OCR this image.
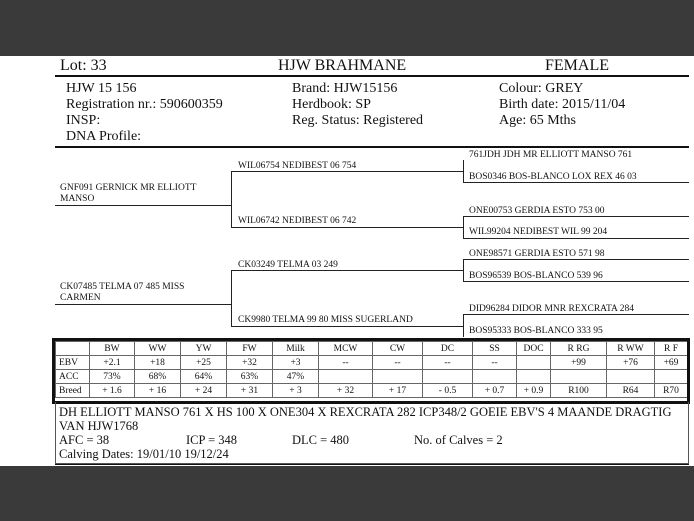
Lot: 33	HJW BRAHMANE	FEMALE
HJW 15 156
Registration nr.: 590600359
INSP:
DNA Profile:
Brand: HJW15156
Herdbook: SP
Reg. Status: Registered
Colour: GREY
Birth date: 2015/11/04
Age: 65 Mths
GNF091 GERNICK MR ELLIOTT
MANSO
CK07485 TELMA 07 485 MISS
CARMEN
WIL06754 NEDIBEST 06 754
WIL06742 NEDIBEST 06 742
CK03249 TELMA 03 249
CK9980 TELMA 99 80 MISS SUGERLAND
761JDH JDH MR ELLIOTT MANSO 761
BOS0346 BOS-BLANCO LOX REX 46 03
ONE00753 GERDIA ESTO 753 00
WIL99204 NEDIBEST WIL 99 204
ONE98571 GERDIA ESTO 571 98
BOS96539 BOS-BLANCO 539 96
DID96284 DIDOR MNR REXCRATA 284
BOS95333 BOS-BLANCO 333 95
	BW	WW	YW	FW	Milk	MCW	CW	DC	SS	DOC	R RG	R WW	R F
EBV	+2.1	+18	+25	+32	+3	--	--	--	--		+99	+76	+69
ACC	73%	68%	64%	63%	47%								
Breed	+ 1.6	+ 16	+ 24	+ 31	+ 3	+ 32	+ 17	- 0.5	+ 0.7	+ 0.9	R100	R64	R70
DH ELLIOTT MANSO 761 X HS 100 X ONE304 X REXCRATA 282 ICP348/2 GOEIE EBV'S 4 MAANDE DRAGTIG
VAN HJW1768
AFC = 38	ICP = 348	DLC = 480	No. of Calves = 2
Calving Dates: 19/01/10 19/12/24
